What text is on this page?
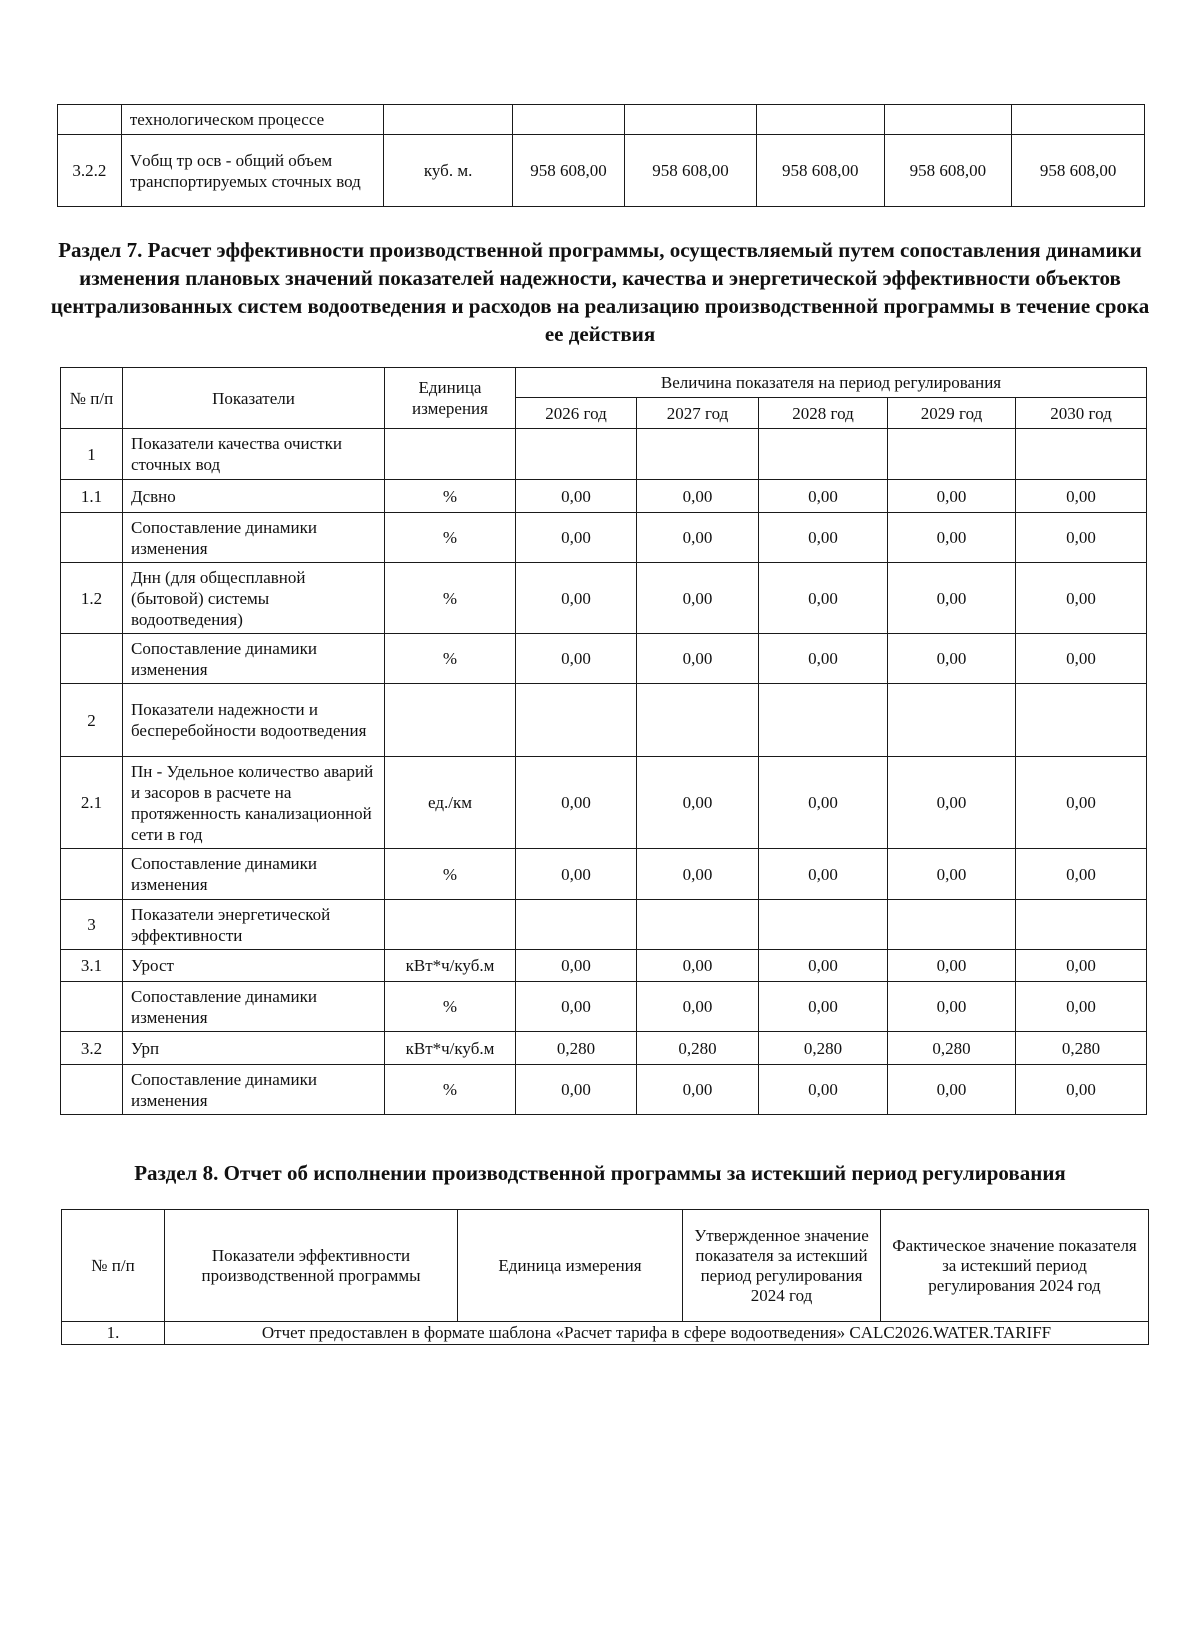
	технологическом процессе						
3.2.2	Vобщ тр осв - общий объем транспортируемых сточных вод	куб. м.	958 608,00	958 608,00	958 608,00	958 608,00	958 608,00
Раздел 7. Расчет эффективности производственной программы, осуществляемый путем сопоставления динамики изменения плановых значений показателей надежности, качества и энергетической эффективности объектов централизованных систем водоотведения и расходов на реализацию производственной программы в течение срока ее действия
№ п/п	Показатели	Единица измерения	Величина показателя на период регулирования				
			2026 год	2027 год	2028 год	2029 год	2030 год
1	Показатели качества очистки сточных вод						
1.1	Дсвно	%	0,00	0,00	0,00	0,00	0,00
	Сопоставление динамики изменения	%	0,00	0,00	0,00	0,00	0,00
1.2	Днн (для общесплавной (бытовой) системы водоотведения)	%	0,00	0,00	0,00	0,00	0,00
	Сопоставление динамики изменения	%	0,00	0,00	0,00	0,00	0,00
2	Показатели надежности и бесперебойности водоотведения						
2.1	Пн - Удельное количество аварий и засоров в расчете на протяженность канализационной сети в год	ед./км	0,00	0,00	0,00	0,00	0,00
	Сопоставление динамики изменения	%	0,00	0,00	0,00	0,00	0,00
3	Показатели энергетической эффективности						
3.1	Урост	кВт*ч/куб.м	0,00	0,00	0,00	0,00	0,00
	Сопоставление динамики изменения	%	0,00	0,00	0,00	0,00	0,00
3.2	Урп	кВт*ч/куб.м	0,280	0,280	0,280	0,280	0,280
	Сопоставление динамики изменения	%	0,00	0,00	0,00	0,00	0,00
Раздел 8. Отчет об исполнении производственной программы за истекший период регулирования
№ п/п	Показатели эффективности производственной программы	Единица измерения	Утвержденное значение показателя за истекший период регулирования 2024 год	Фактическое значение показателя за истекший период регулирования 2024 год
1.	Отчет предоставлен в формате шаблона «Расчет тарифа в сфере водоотведения» CALC2026.WATER.TARIFF			
